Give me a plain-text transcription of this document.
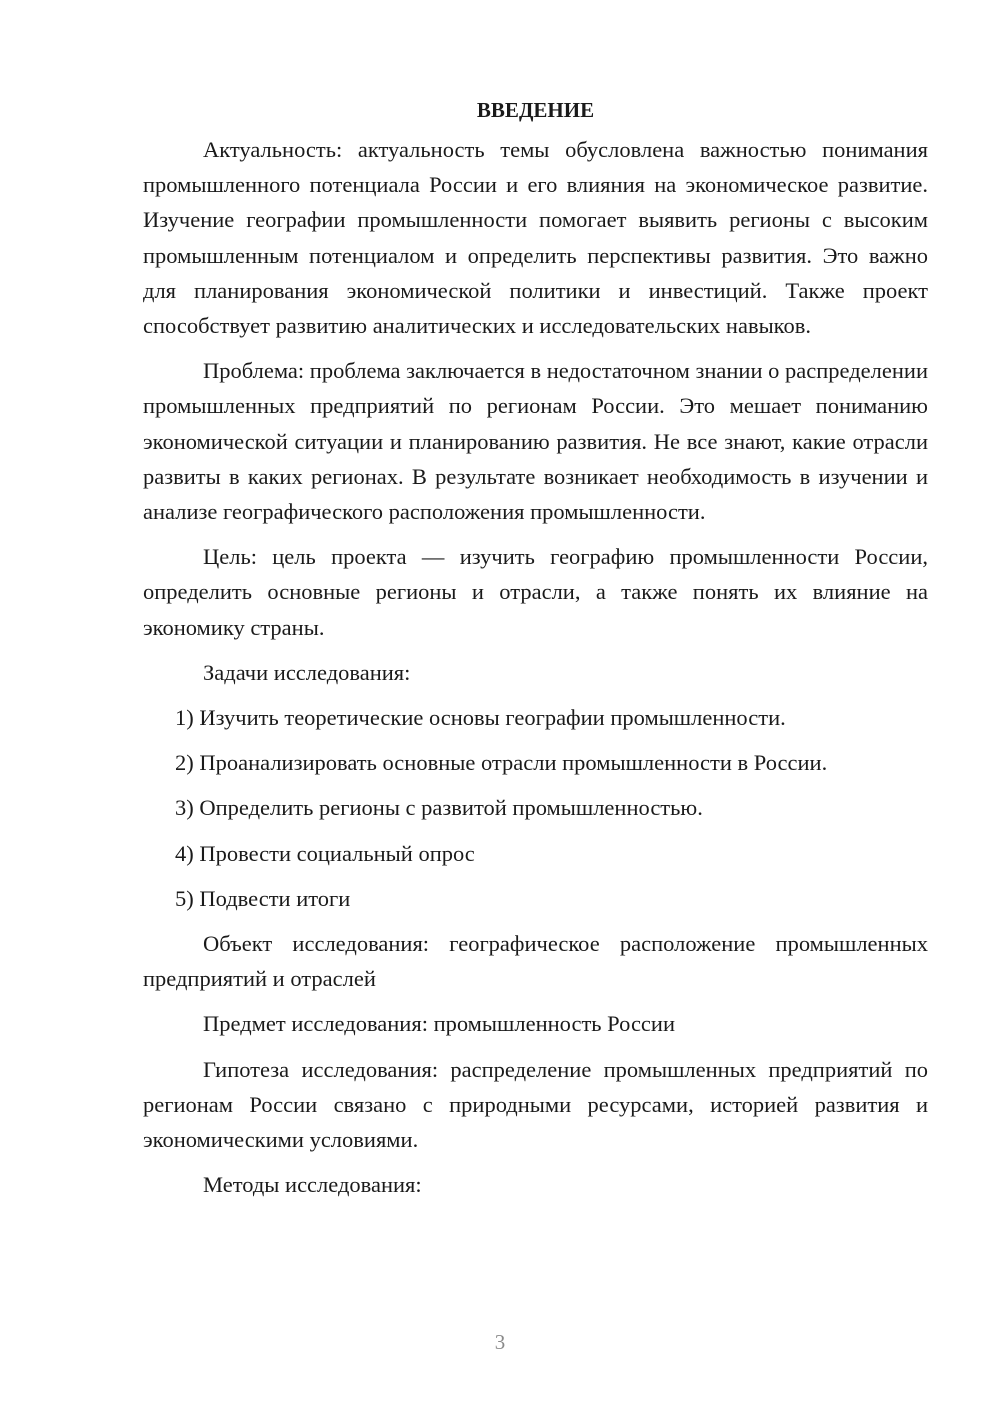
ВВЕДЕНИЕ
Актуальность: актуальность темы обусловлена важностью понимания промышленного потенциала России и его влияния на экономическое развитие. Изучение географии промышленности помогает выявить регионы с высоким промышленным потенциалом и определить перспективы развития. Это важно для планирования экономической политики и инвестиций. Также проект способствует развитию аналитических и исследовательских навыков.
Проблема: проблема заключается в недостаточном знании о распределении промышленных предприятий по регионам России. Это мешает пониманию экономической ситуации и планированию развития. Не все знают, какие отрасли развиты в каких регионах. В результате возникает необходимость в изучении и анализе географического расположения промышленности.
Цель: цель проекта — изучить географию промышленности России, определить основные регионы и отрасли, а также понять их влияние на экономику страны.
Задачи исследования:
1) Изучить теоретические основы географии промышленности.
2) Проанализировать основные отрасли промышленности в России.
3) Определить регионы с развитой промышленностью.
4) Провести социальный опрос
5) Подвести итоги
Объект исследования: географическое расположение промышленных предприятий и отраслей
Предмет исследования: промышленность России
Гипотеза исследования: распределение промышленных предприятий по регионам России связано с природными ресурсами, историей развития и экономическими условиями.
Методы исследования:
3
